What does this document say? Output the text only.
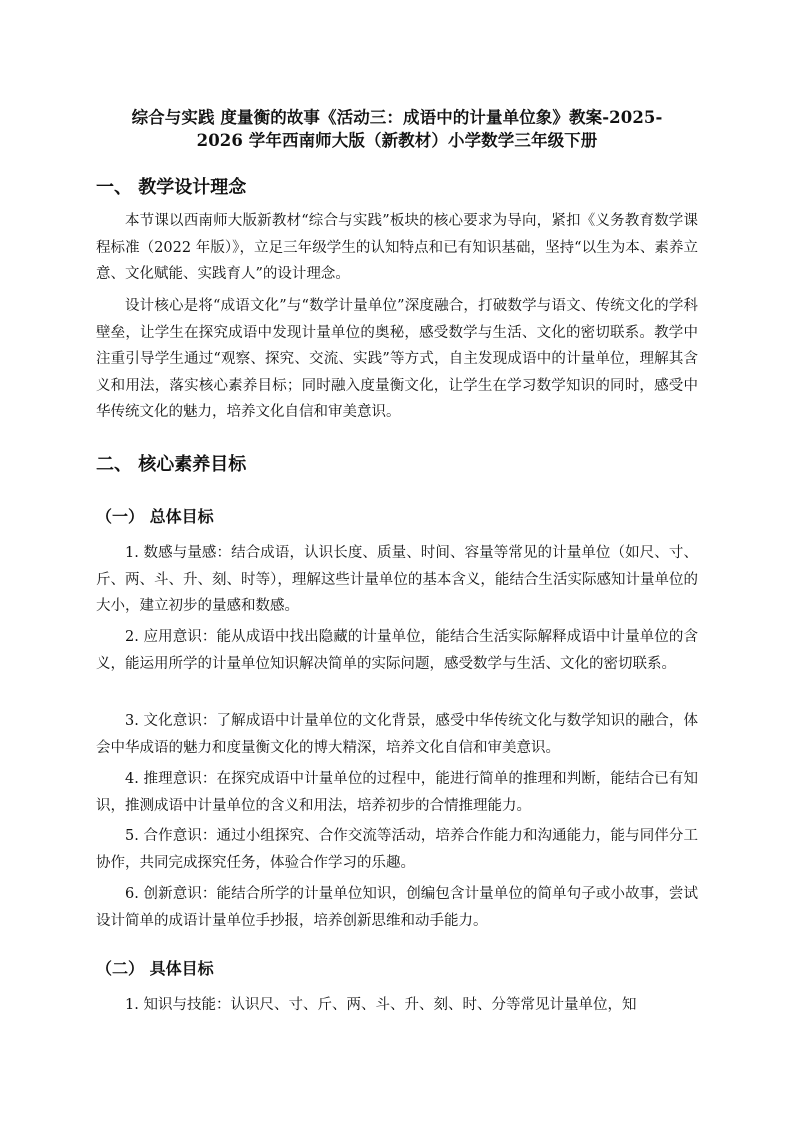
综合与实践 度量衡的故事《活动三：成语中的计量单位象》教案-2025-
2026 学年西南师大版（新教材）小学数学三年级下册
一、 教学设计理念

本节课以西南师大版新教材“综合与实践”板块的核心要求为导向，紧扣《义务教育数学课程标准（2022 年版）》，立足三年级学生的认知特点和已有知识基础，坚持“以生为本、素养立意、文化赋能、实践育人”的设计理念。

设计核心是将“成语文化”与“数学计量单位”深度融合，打破数学与语文、传统文化的学科壁垒，让学生在探究成语中发现计量单位的奥秘，感受数学与生活、文化的密切联系。教学中注重引导学生通过“观察、探究、交流、实践”等方式，自主发现成语中的计量单位，理解其含义和用法，落实核心素养目标；同时融入度量衡文化，让学生在学习数学知识的同时，感受中华传统文化的魅力，培养文化自信和审美意识。

二、 核心素养目标
（一） 总体目标

1. 数感与量感：结合成语，认识长度、质量、时间、容量等常见的计量单位（如尺、寸、斤、两、斗、升、刻、时等），理解这些计量单位的基本含义，能结合生活实际感知计量单位的大小，建立初步的量感和数感。

2. 应用意识：能从成语中找出隐藏的计量单位，能结合生活实际解释成语中计量单位的含义，能运用所学的计量单位知识解决简单的实际问题，感受数学与生活、文化的密切联系。

3. 文化意识：了解成语中计量单位的文化背景，感受中华传统文化与数学知识的融合，体会中华成语的魅力和度量衡文化的博大精深，培养文化自信和审美意识。

4. 推理意识：在探究成语中计量单位的过程中，能进行简单的推理和判断，能结合已有知识，推测成语中计量单位的含义和用法，培养初步的合情推理能力。

5. 合作意识：通过小组探究、合作交流等活动，培养合作能力和沟通能力，能与同伴分工协作，共同完成探究任务，体验合作学习的乐趣。

6. 创新意识：能结合所学的计量单位知识，创编包含计量单位的简单句子或小故事，尝试设计简单的成语计量单位手抄报，培养创新思维和动手能力。

（二） 具体目标

1. 知识与技能：认识尺、寸、斤、两、斗、升、刻、时、分等常见计量单位，知
